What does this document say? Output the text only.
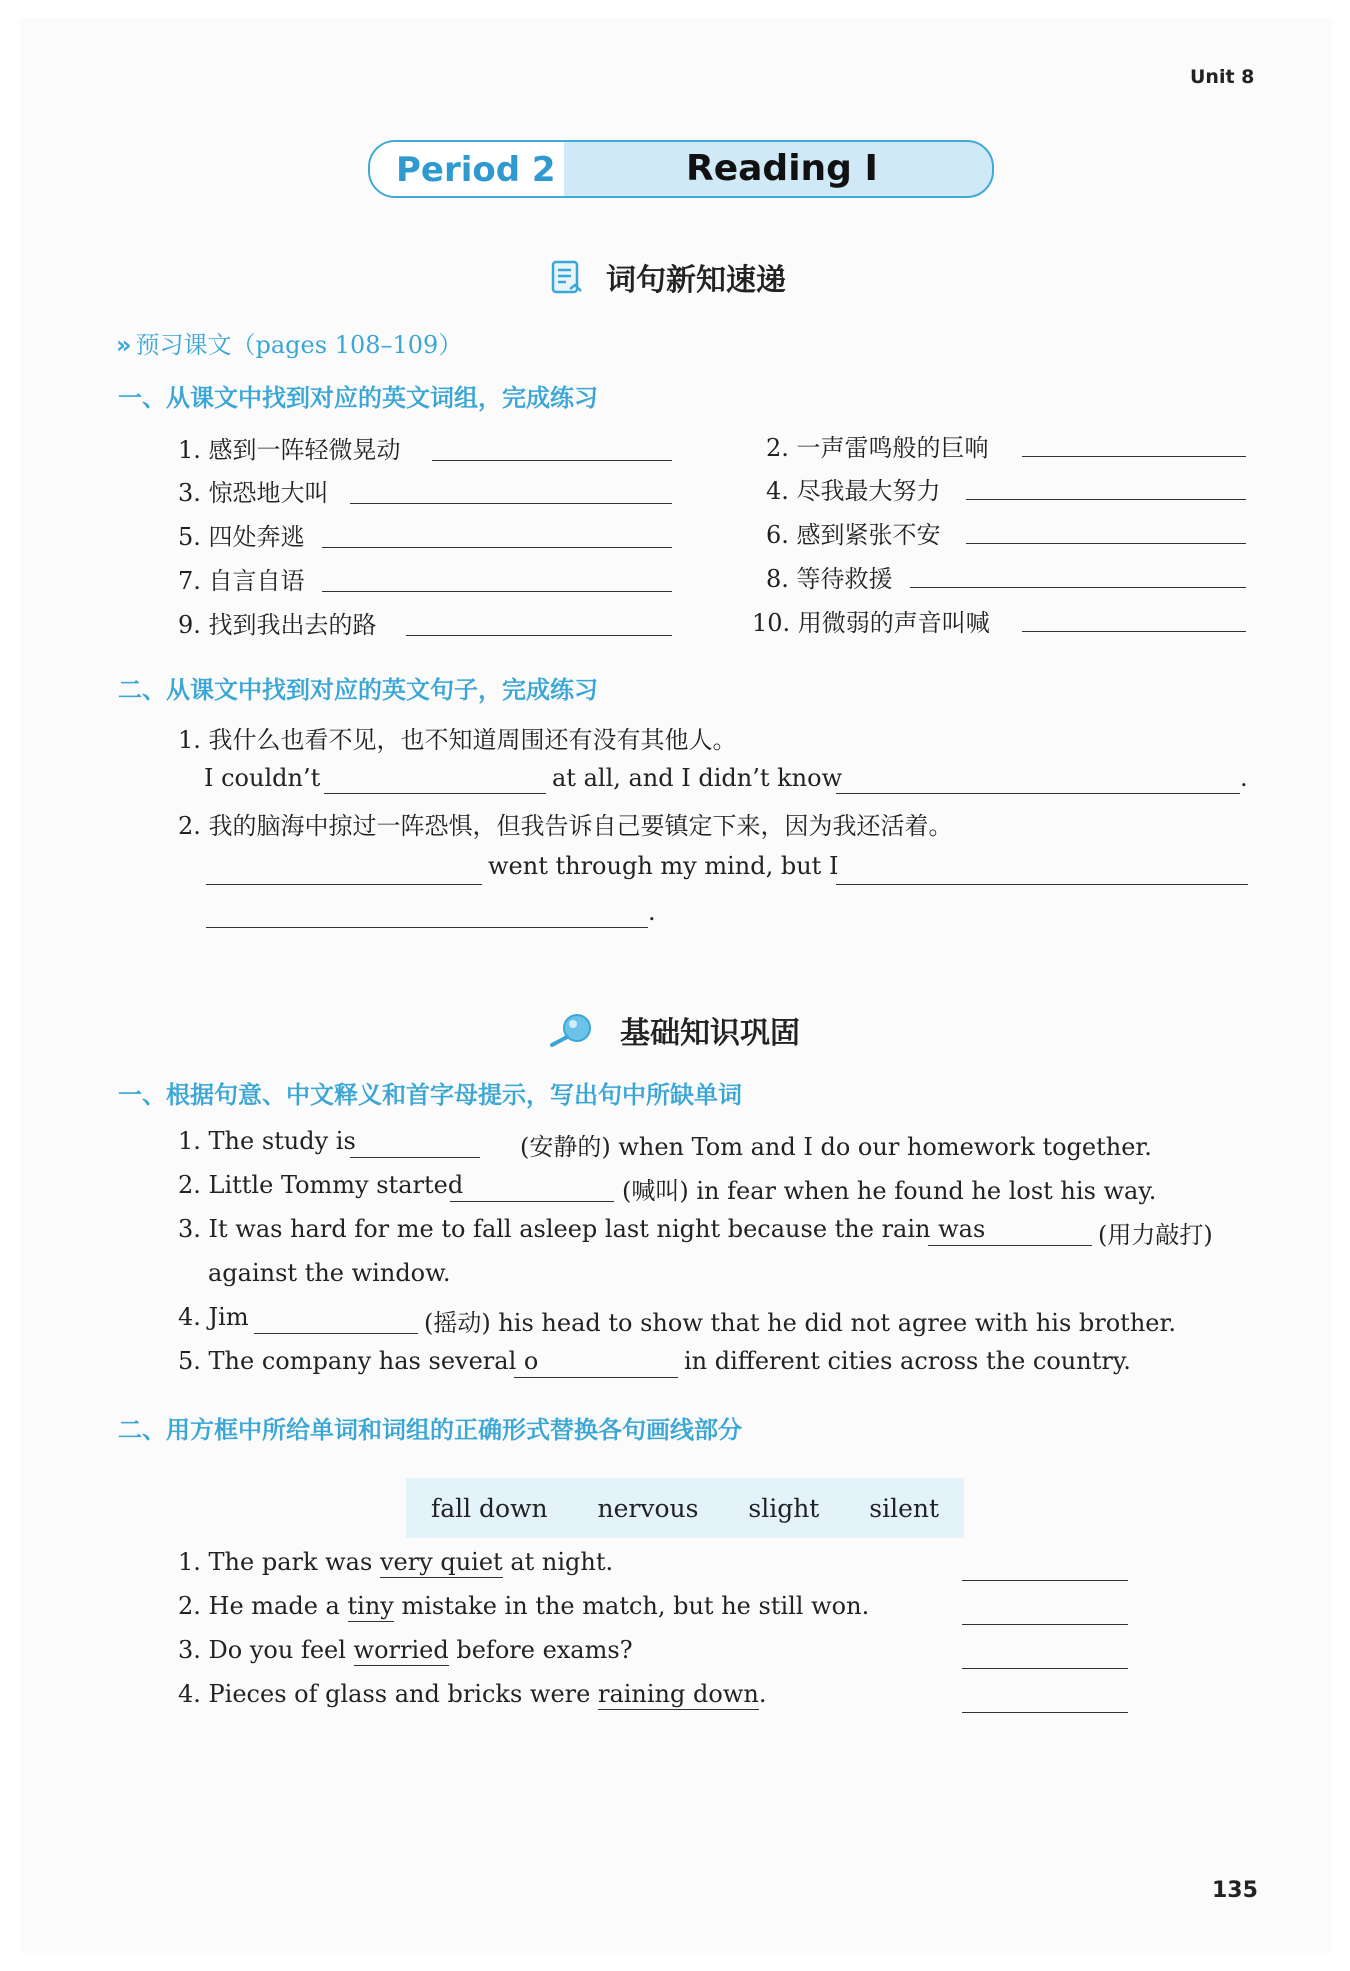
Unit 8
Period 2	Reading I
词句新知速递
» 预习课文（pages 108–109）
一、从课文中找到对应的英文词组，完成练习
1. 感到一阵轻微晃动
3. 惊恐地大叫
5. 四处奔逃
7. 自言自语
9. 找到我出去的路
2. 一声雷鸣般的巨响
4. 尽我最大努力
6. 感到紧张不安
8. 等待救援
10. 用微弱的声音叫喊
二、从课文中找到对应的英文句子，完成练习
1. 我什么也看不见，也不知道周围还有没有其他人。
I couldn’t	at all, and I didn’t know	.
2. 我的脑海中掠过一阵恐惧，但我告诉自己要镇定下来，因为我还活着。
went through my mind, but I
.
基础知识巩固
一、根据句意、中文释义和首字母提示，写出句中所缺单词
1. The study is	(安静的) when Tom and I do our homework together.
2. Little Tommy started	(喊叫) in fear when he found he lost his way.
3. It was hard for me to fall asleep last night because the rain was	(用力敲打)
against the window.
4. Jim	(摇动) his head to show that he did not agree with his brother.
5. The company has several o	in different cities across the country.
二、用方框中所给单词和词组的正确形式替换各句画线部分
fall down nervous slight silent
1. The park was very quiet at night.
2. He made a tiny mistake in the match, but he still won.
3. Do you feel worried before exams?
4. Pieces of glass and bricks were raining down.
135
